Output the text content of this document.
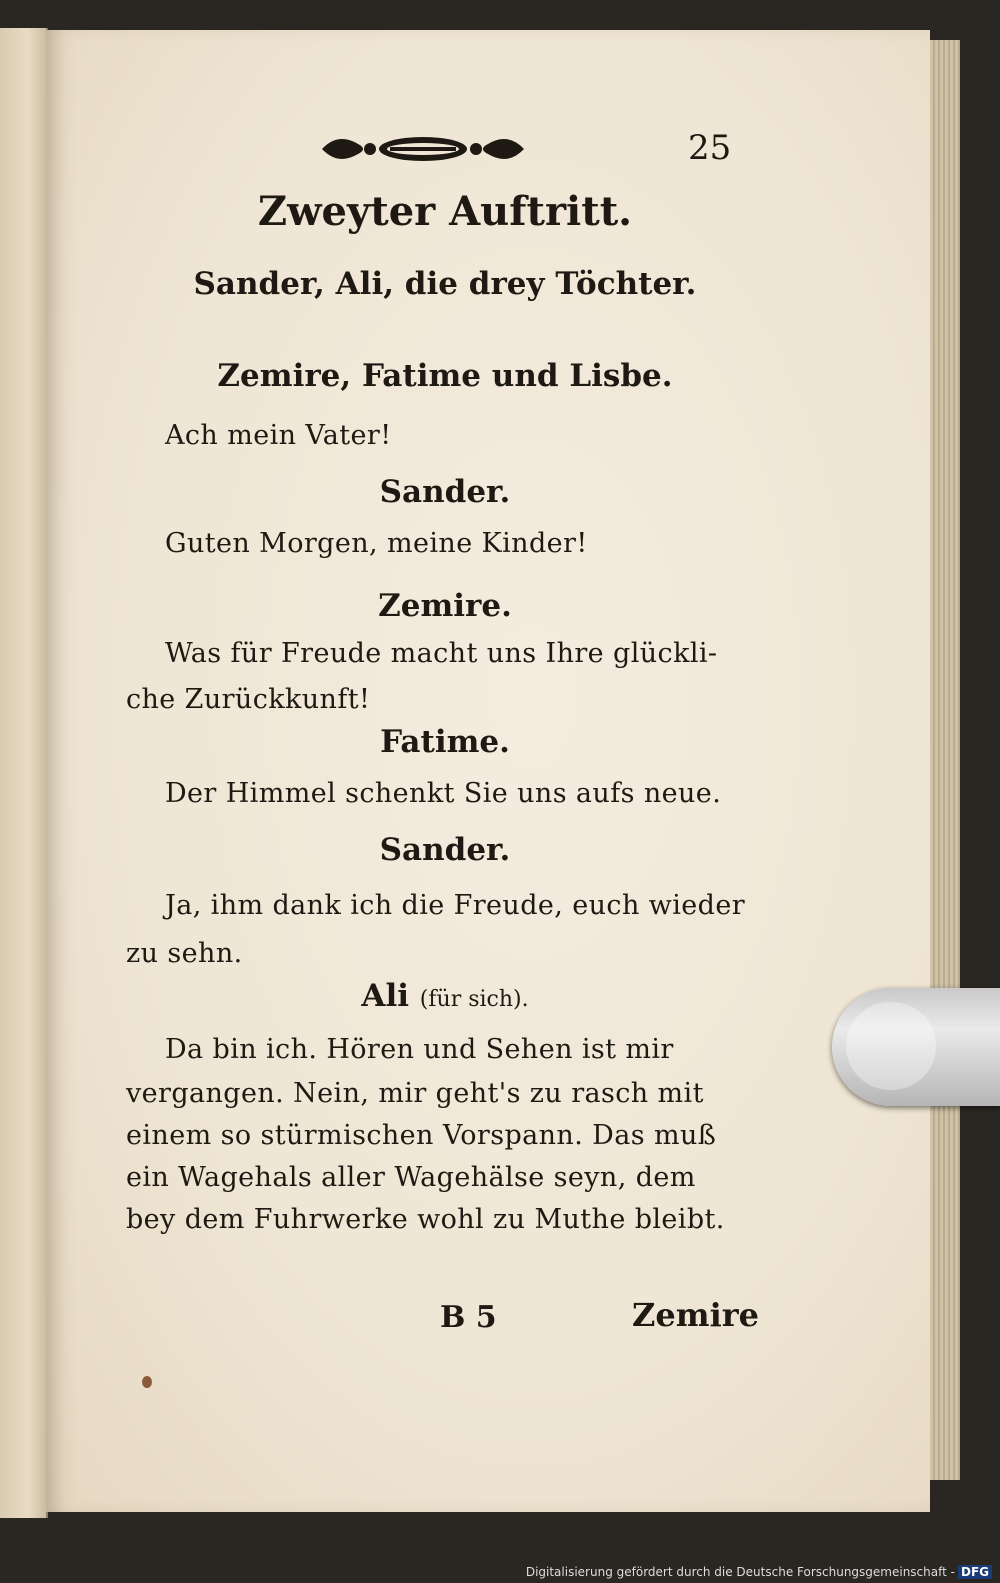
25
Zweyter Auftritt.
Sander, Ali, die drey Töchter.
Zemire, Fatime und Lisbe.
Ach mein Vater!
Sander.
Guten Morgen, meine Kinder!
Zemire.
Was für Freude macht uns Ihre glückli-
che Zurückkunft!
Fatime.
Der Himmel schenkt Sie uns aufs neue.
Sander.
Ja, ihm dank ich die Freude, euch wieder
zu sehn.
Ali (für sich).
Da bin ich. Hören und Sehen ist mir
vergangen. Nein, mir geht's zu rasch mit
einem so stürmischen Vorspann. Das muß
ein Wagehals aller Wagehälse seyn, dem
bey dem Fuhrwerke wohl zu Muthe bleibt.
B 5	Zemire
Digitalisierung gefördert durch die Deutsche Forschungsgemeinschaft - DFG
